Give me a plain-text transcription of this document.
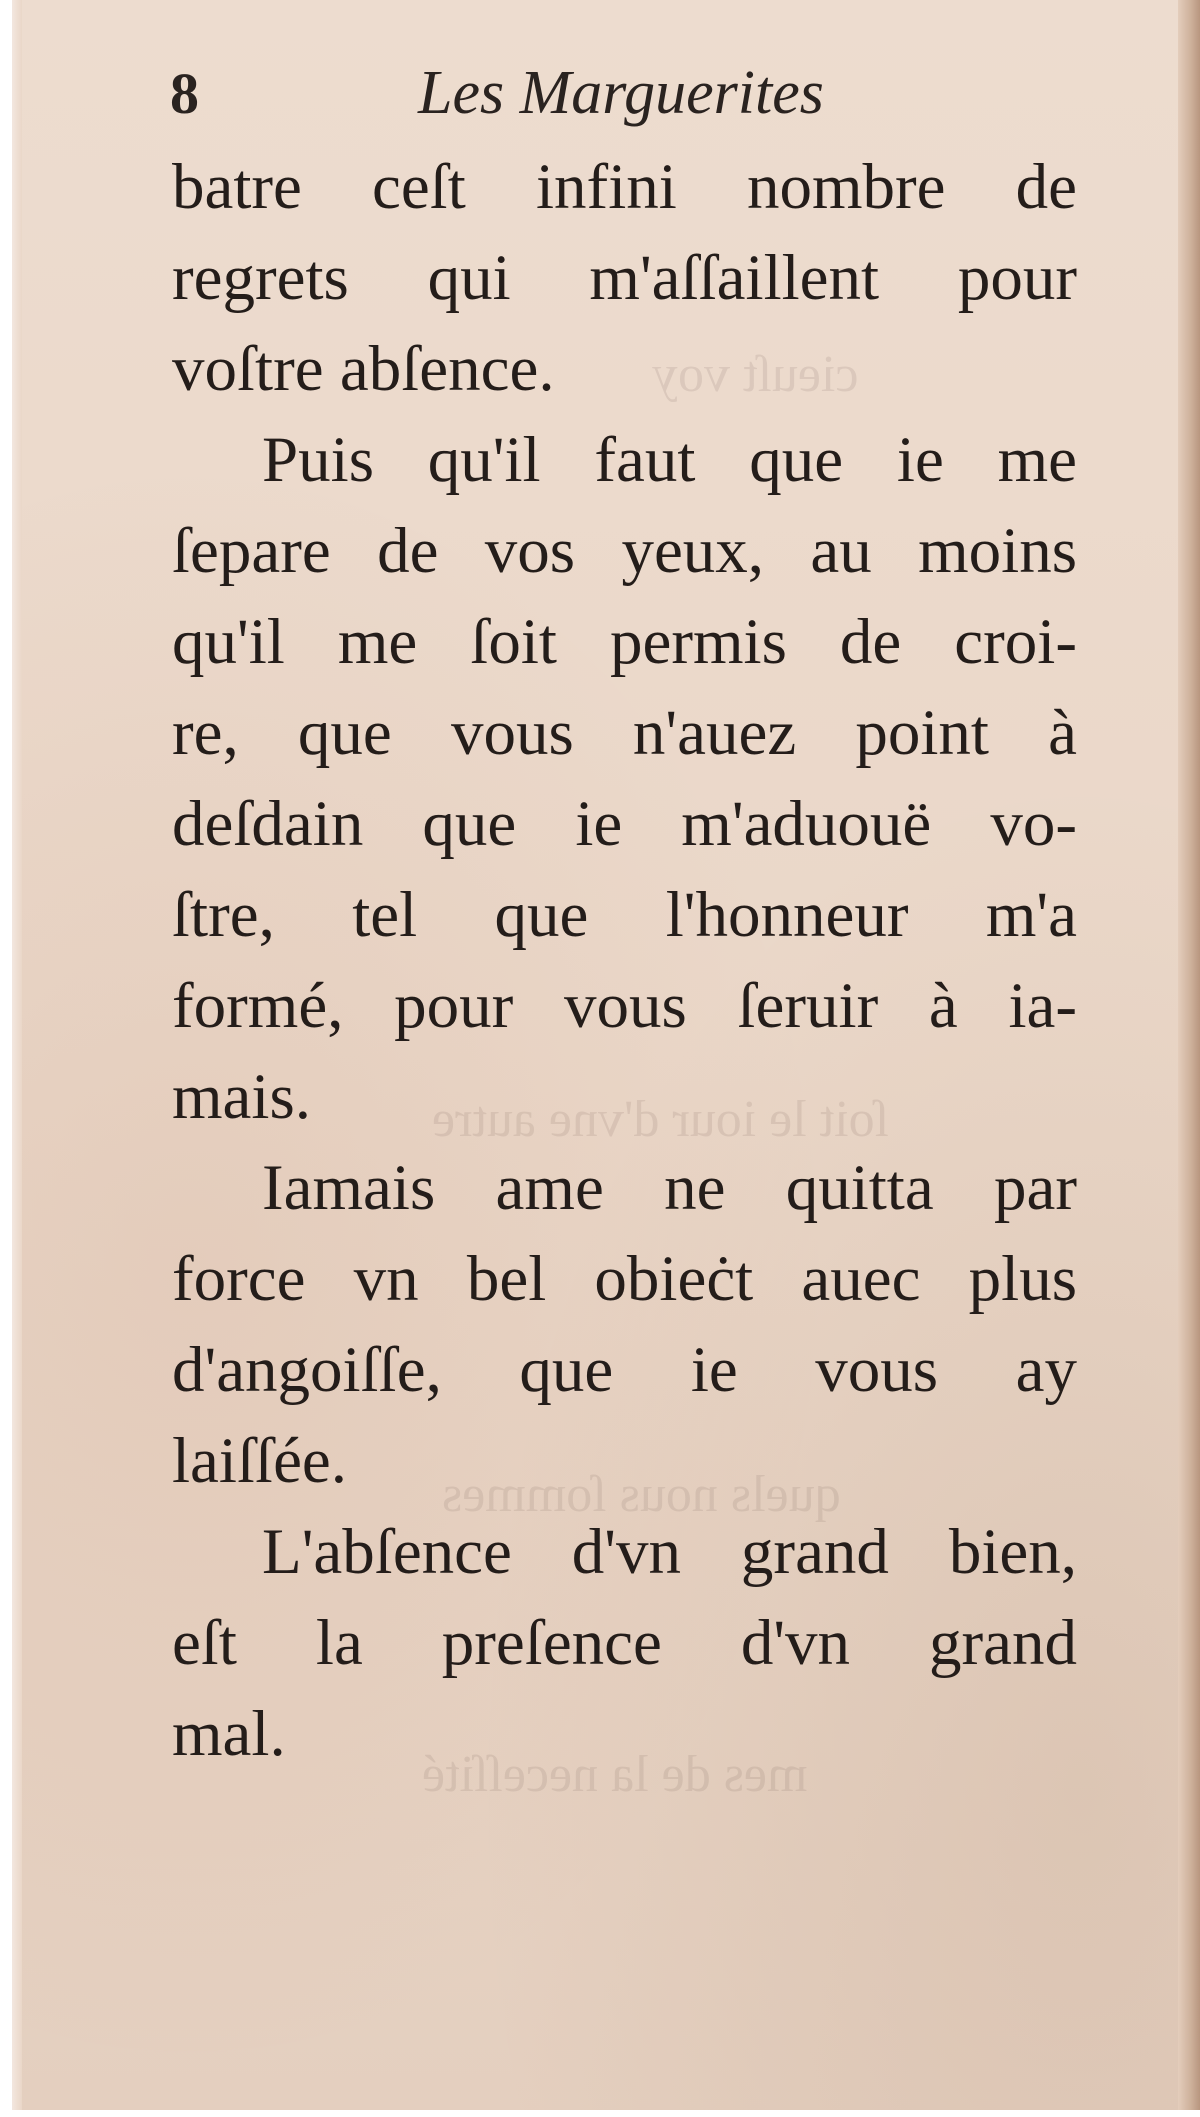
cieuſt voy
ſoit le iour d'vne autre
quels nous ſommes
mes de la neceſſité
8	Les Marguerites
batre ceſt infini nombre de
regrets qui m'aſſaillent pour
voſtre abſence.
Puis qu'il faut que ie me
ſepare de vos yeux, au moins
qu'il me ſoit permis de croi-
re, que vous n'auez point à
deſdain que ie m'aduouë vo-
ſtre, tel que l'honneur m'a
formé, pour vous ſeruir à ia-
mais.
Iamais ame ne quitta par
force vn bel obieċt auec plus
d'angoiſſe, que ie vous ay
laiſſée.
L'abſence d'vn grand bien,
eſt la preſence d'vn grand
mal.
